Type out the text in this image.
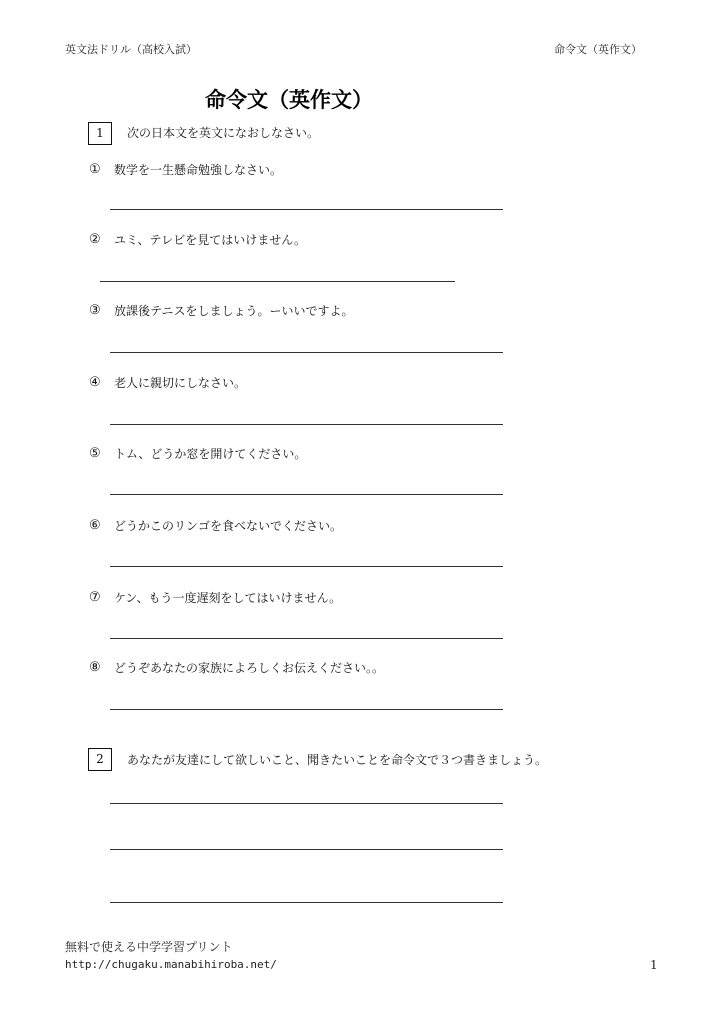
英文法ドリル（高校入試）	命令文（英作文）
命令文（英作文）
1	次の日本文を英文になおしなさい。
① 数学を一生懸命勉強しなさい。
② ユミ、テレビを見てはいけません。
③ 放課後テニスをしましょう。ーいいですよ。
④ 老人に親切にしなさい。
⑤ トム、どうか窓を開けてください。
⑥ どうかこのリンゴを食べないでください。
⑦ ケン、もう一度遅刻をしてはいけません。
⑧ どうぞあなたの家族によろしくお伝えください。。
2	あなたが友達にして欲しいこと、聞きたいことを命令文で３つ書きましょう。
無料で使える中学学習プリント
http://chugaku.manabihiroba.net/	1
